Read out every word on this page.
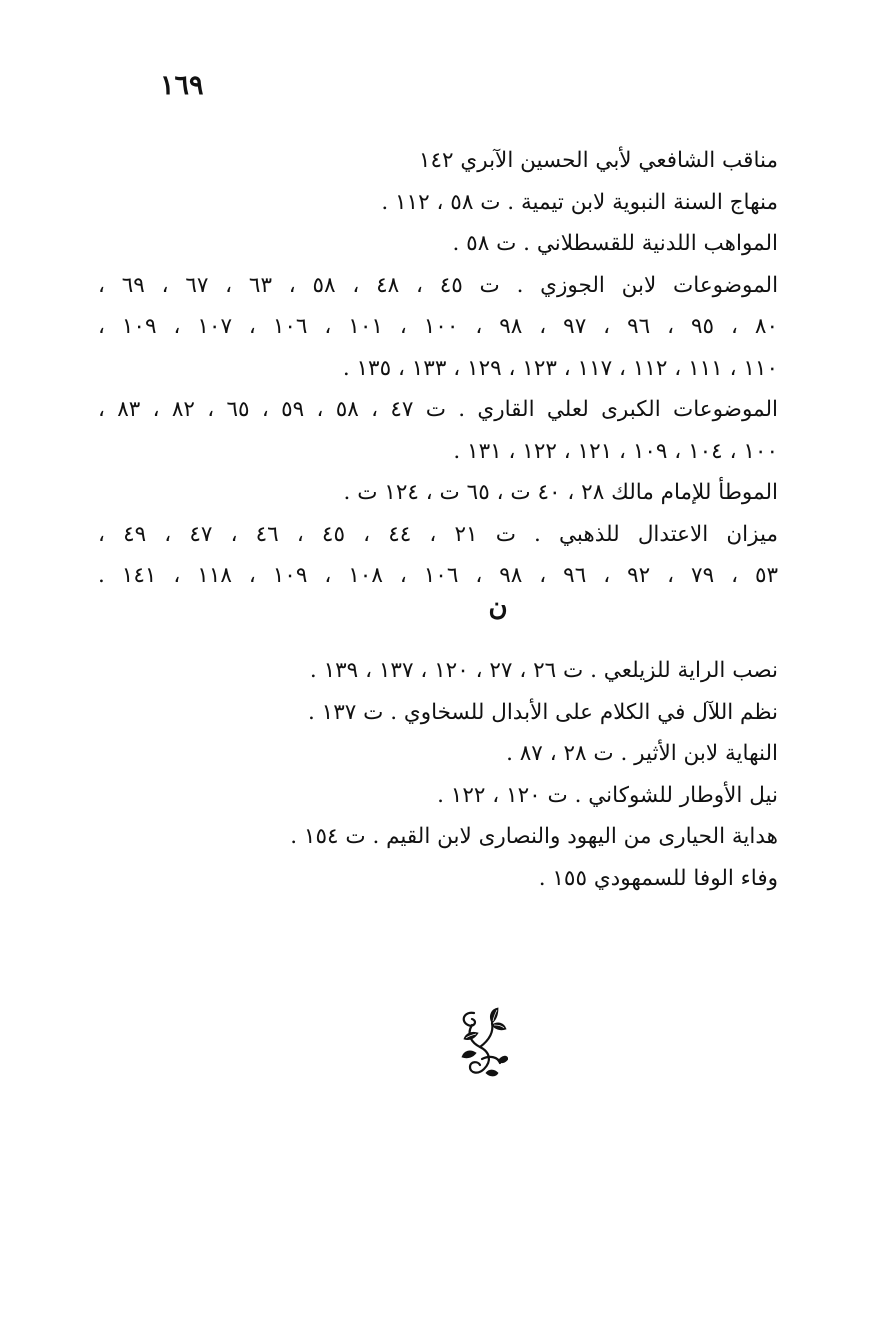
١٦٩
مناقب الشافعي لأبي الحسين الآبري ١٤٢
منهاج السنة النبوية لابن تيمية . ت ٥٨ ، ١١٢ .
المواهب اللدنية للقسطلاني . ت ٥٨ .
الموضوعات لابن الجوزي . ت ٤٥ ، ٤٨ ، ٥٨ ، ٦٣ ، ٦٧ ، ٦٩ ،
٨٠ ، ٩٥ ، ٩٦ ، ٩٧ ، ٩٨ ، ١٠٠ ، ١٠١ ، ١٠٦ ، ١٠٧ ، ١٠٩ ،
١١٠ ، ١١١ ، ١١٢ ، ١١٧ ، ١٢٣ ، ١٢٩ ، ١٣٣ ، ١٣٥ .
الموضوعات الكبرى لعلي القاري . ت ٤٧ ، ٥٨ ، ٥٩ ، ٦٥ ، ٨٢ ، ٨٣ ،
١٠٠ ، ١٠٤ ، ١٠٩ ، ١٢١ ، ١٢٢ ، ١٣١ .
الموطأ للإمام مالك ٢٨ ، ٤٠ ت ، ٦٥ ت ، ١٢٤ ت .
ميزان الاعتدال للذهبي . ت ٢١ ، ٤٤ ، ٤٥ ، ٤٦ ، ٤٧ ، ٤٩ ،
٥٣ ، ٧٩ ، ٩٢ ، ٩٦ ، ٩٨ ، ١٠٦ ، ١٠٨ ، ١٠٩ ، ١١٨ ، ١٤١ .
ن
نصب الراية للزيلعي . ت ٢٦ ، ٢٧ ، ١٢٠ ، ١٣٧ ، ١٣٩ .
نظم اللآل في الكلام على الأبدال للسخاوي . ت ١٣٧ .
النهاية لابن الأثير . ت ٢٨ ، ٨٧ .
نيل الأوطار للشوكاني . ت ١٢٠ ، ١٢٢ .
هداية الحيارى من اليهود والنصارى لابن القيم . ت ١٥٤ .
وفاء الوفا للسمهودي ١٥٥ .
